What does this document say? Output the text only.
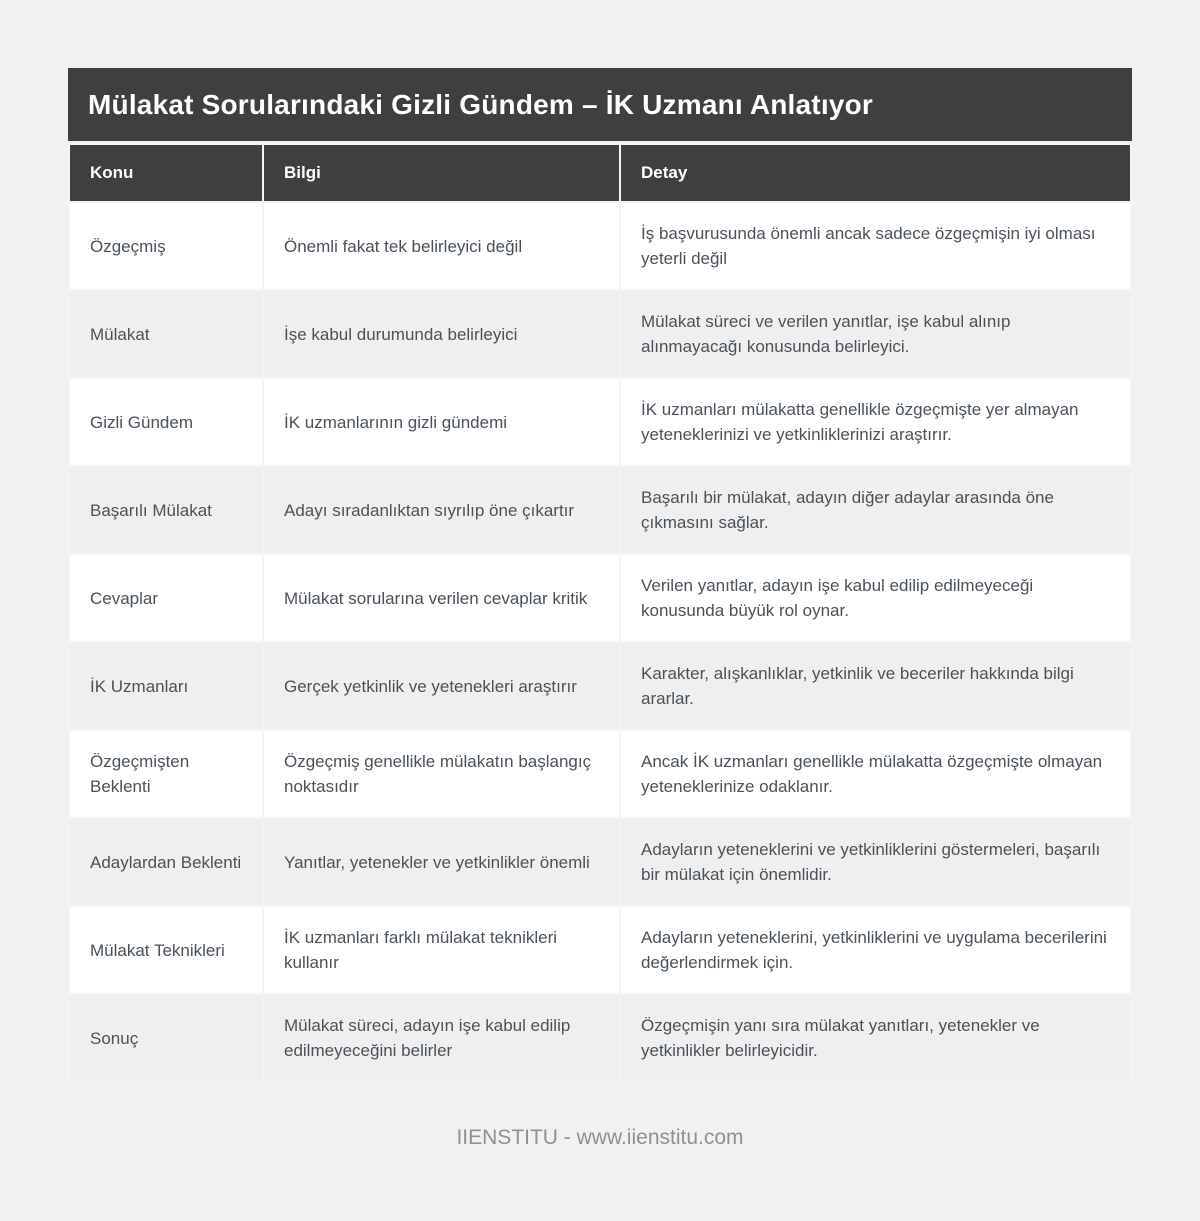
Mülakat Sorularındaki Gizli Gündem – İK Uzmanı Anlatıyor
Konu	Bilgi	Detay
Özgeçmiş	Önemli fakat tek belirleyici değil	İş başvurusunda önemli ancak sadece özgeçmişin iyi olması yeterli değil
Mülakat	İşe kabul durumunda belirleyici	Mülakat süreci ve verilen yanıtlar, işe kabul alınıp alınmayacağı konusunda belirleyici.
Gizli Gündem	İK uzmanlarının gizli gündemi	İK uzmanları mülakatta genellikle özgeçmişte yer almayan yeteneklerinizi ve yetkinliklerinizi araştırır.
Başarılı Mülakat	Adayı sıradanlıktan sıyrılıp öne çıkartır	Başarılı bir mülakat, adayın diğer adaylar arasında öne çıkmasını sağlar.
Cevaplar	Mülakat sorularına verilen cevaplar kritik	Verilen yanıtlar, adayın işe kabul edilip edilmeyeceği konusunda büyük rol oynar.
İK Uzmanları	Gerçek yetkinlik ve yetenekleri araştırır	Karakter, alışkanlıklar, yetkinlik ve beceriler hakkında bilgi ararlar.
Özgeçmişten Beklenti	Özgeçmiş genellikle mülakatın başlangıç noktasıdır	Ancak İK uzmanları genellikle mülakatta özgeçmişte olmayan yeteneklerinize odaklanır.
Adaylardan Beklenti	Yanıtlar, yetenekler ve yetkinlikler önemli	Adayların yeteneklerini ve yetkinliklerini göstermeleri, başarılı bir mülakat için önemlidir.
Mülakat Teknikleri	İK uzmanları farklı mülakat teknikleri kullanır	Adayların yeteneklerini, yetkinliklerini ve uygulama becerilerini değerlendirmek için.
Sonuç	Mülakat süreci, adayın işe kabul edilip edilmeyeceğini belirler	Özgeçmişin yanı sıra mülakat yanıtları, yetenekler ve yetkinlikler belirleyicidir.
IIENSTITU - www.iienstitu.com
